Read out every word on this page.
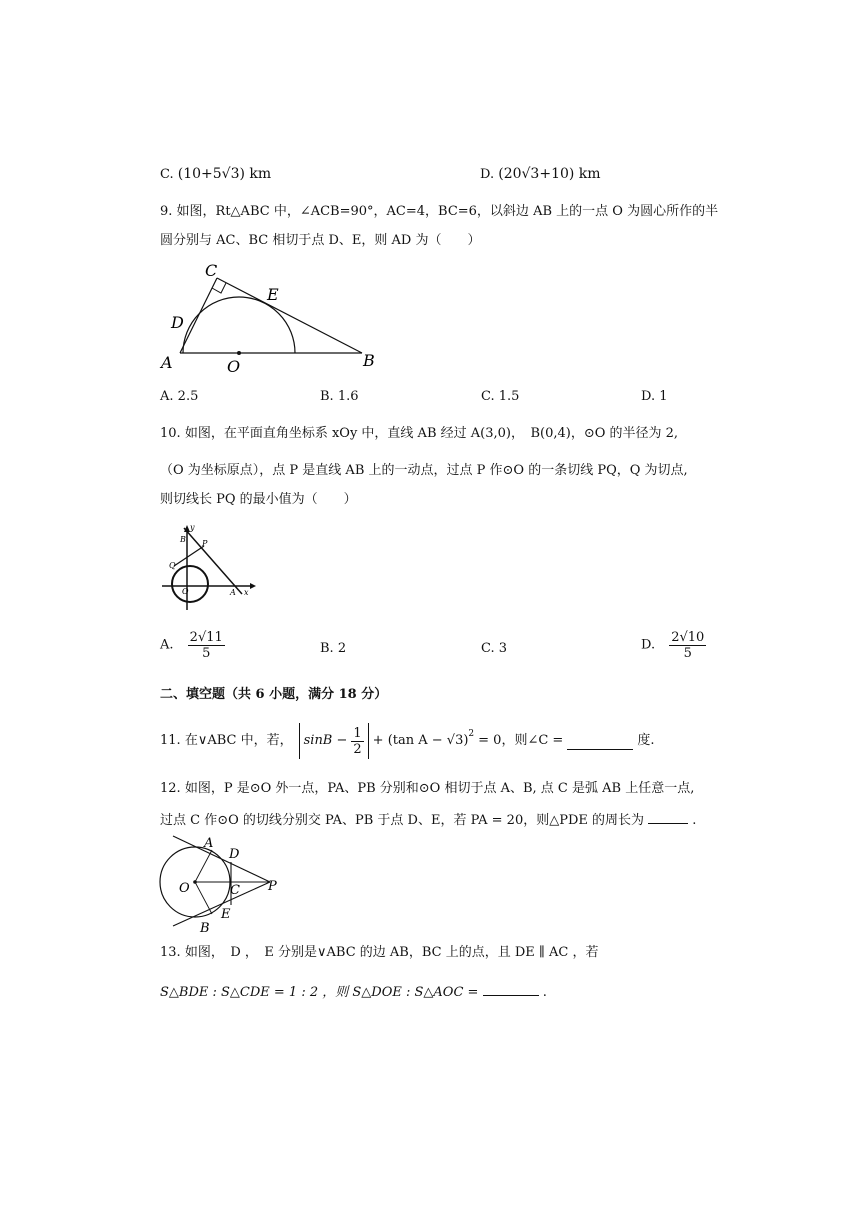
C. (10+5√3) km	D. (20√3+10) km
9. 如图，Rt△ABC 中，∠ACB=90°，AC=4，BC=6，以斜边 AB 上的一点 O 为圆心所作的半
圆分别与 AC、BC 相切于点 D、E，则 AD 为（　　）
C
E
D
A	O	B
A. 2.5	B. 1.6	C. 1.5	D. 1
10. 如图，在平面直角坐标系 xOy 中，直线 AB 经过 A(3,0)，　B(0,4)，⊙O 的半径为 2,
（O 为坐标原点），点 P 是直线 AB 上的一动点，过点 P 作⊙O 的一条切线 PQ，Q 为切点,
则切线长 PQ 的最小值为（　　）
B P
Q
O	A x
y
A. $\frac{2√11}{5}$	B. 2	C. 3	D. $\frac{2√10}{5}$
二、填空题（共 6 小题，满分 18 分）
11.
在∨ABC 中，若， $\sin B - \frac{1}{2} + (\tan$ A − √3)$^2$ = 0，则∠C =	度.
12. 如图，P 是⊙O 外一点，PA、PB 分别和⊙O 相切于点 A、B, 点 C 是弧 AB 上任意一点,
过点 C 作⊙O 的切线分别交 PA、PB 于点 D、E，若 PA = 20，则△PDE 的周长为	.
A
D
O	C P
E
B
13. 如图，　D ，　E 分别是∨ABC 的边 AB，BC 上的点，且 DE ∥ AC ，若
S△BDE : S△CDE = 1 : 2 ，则 S△DOE : S△AOC =	.
